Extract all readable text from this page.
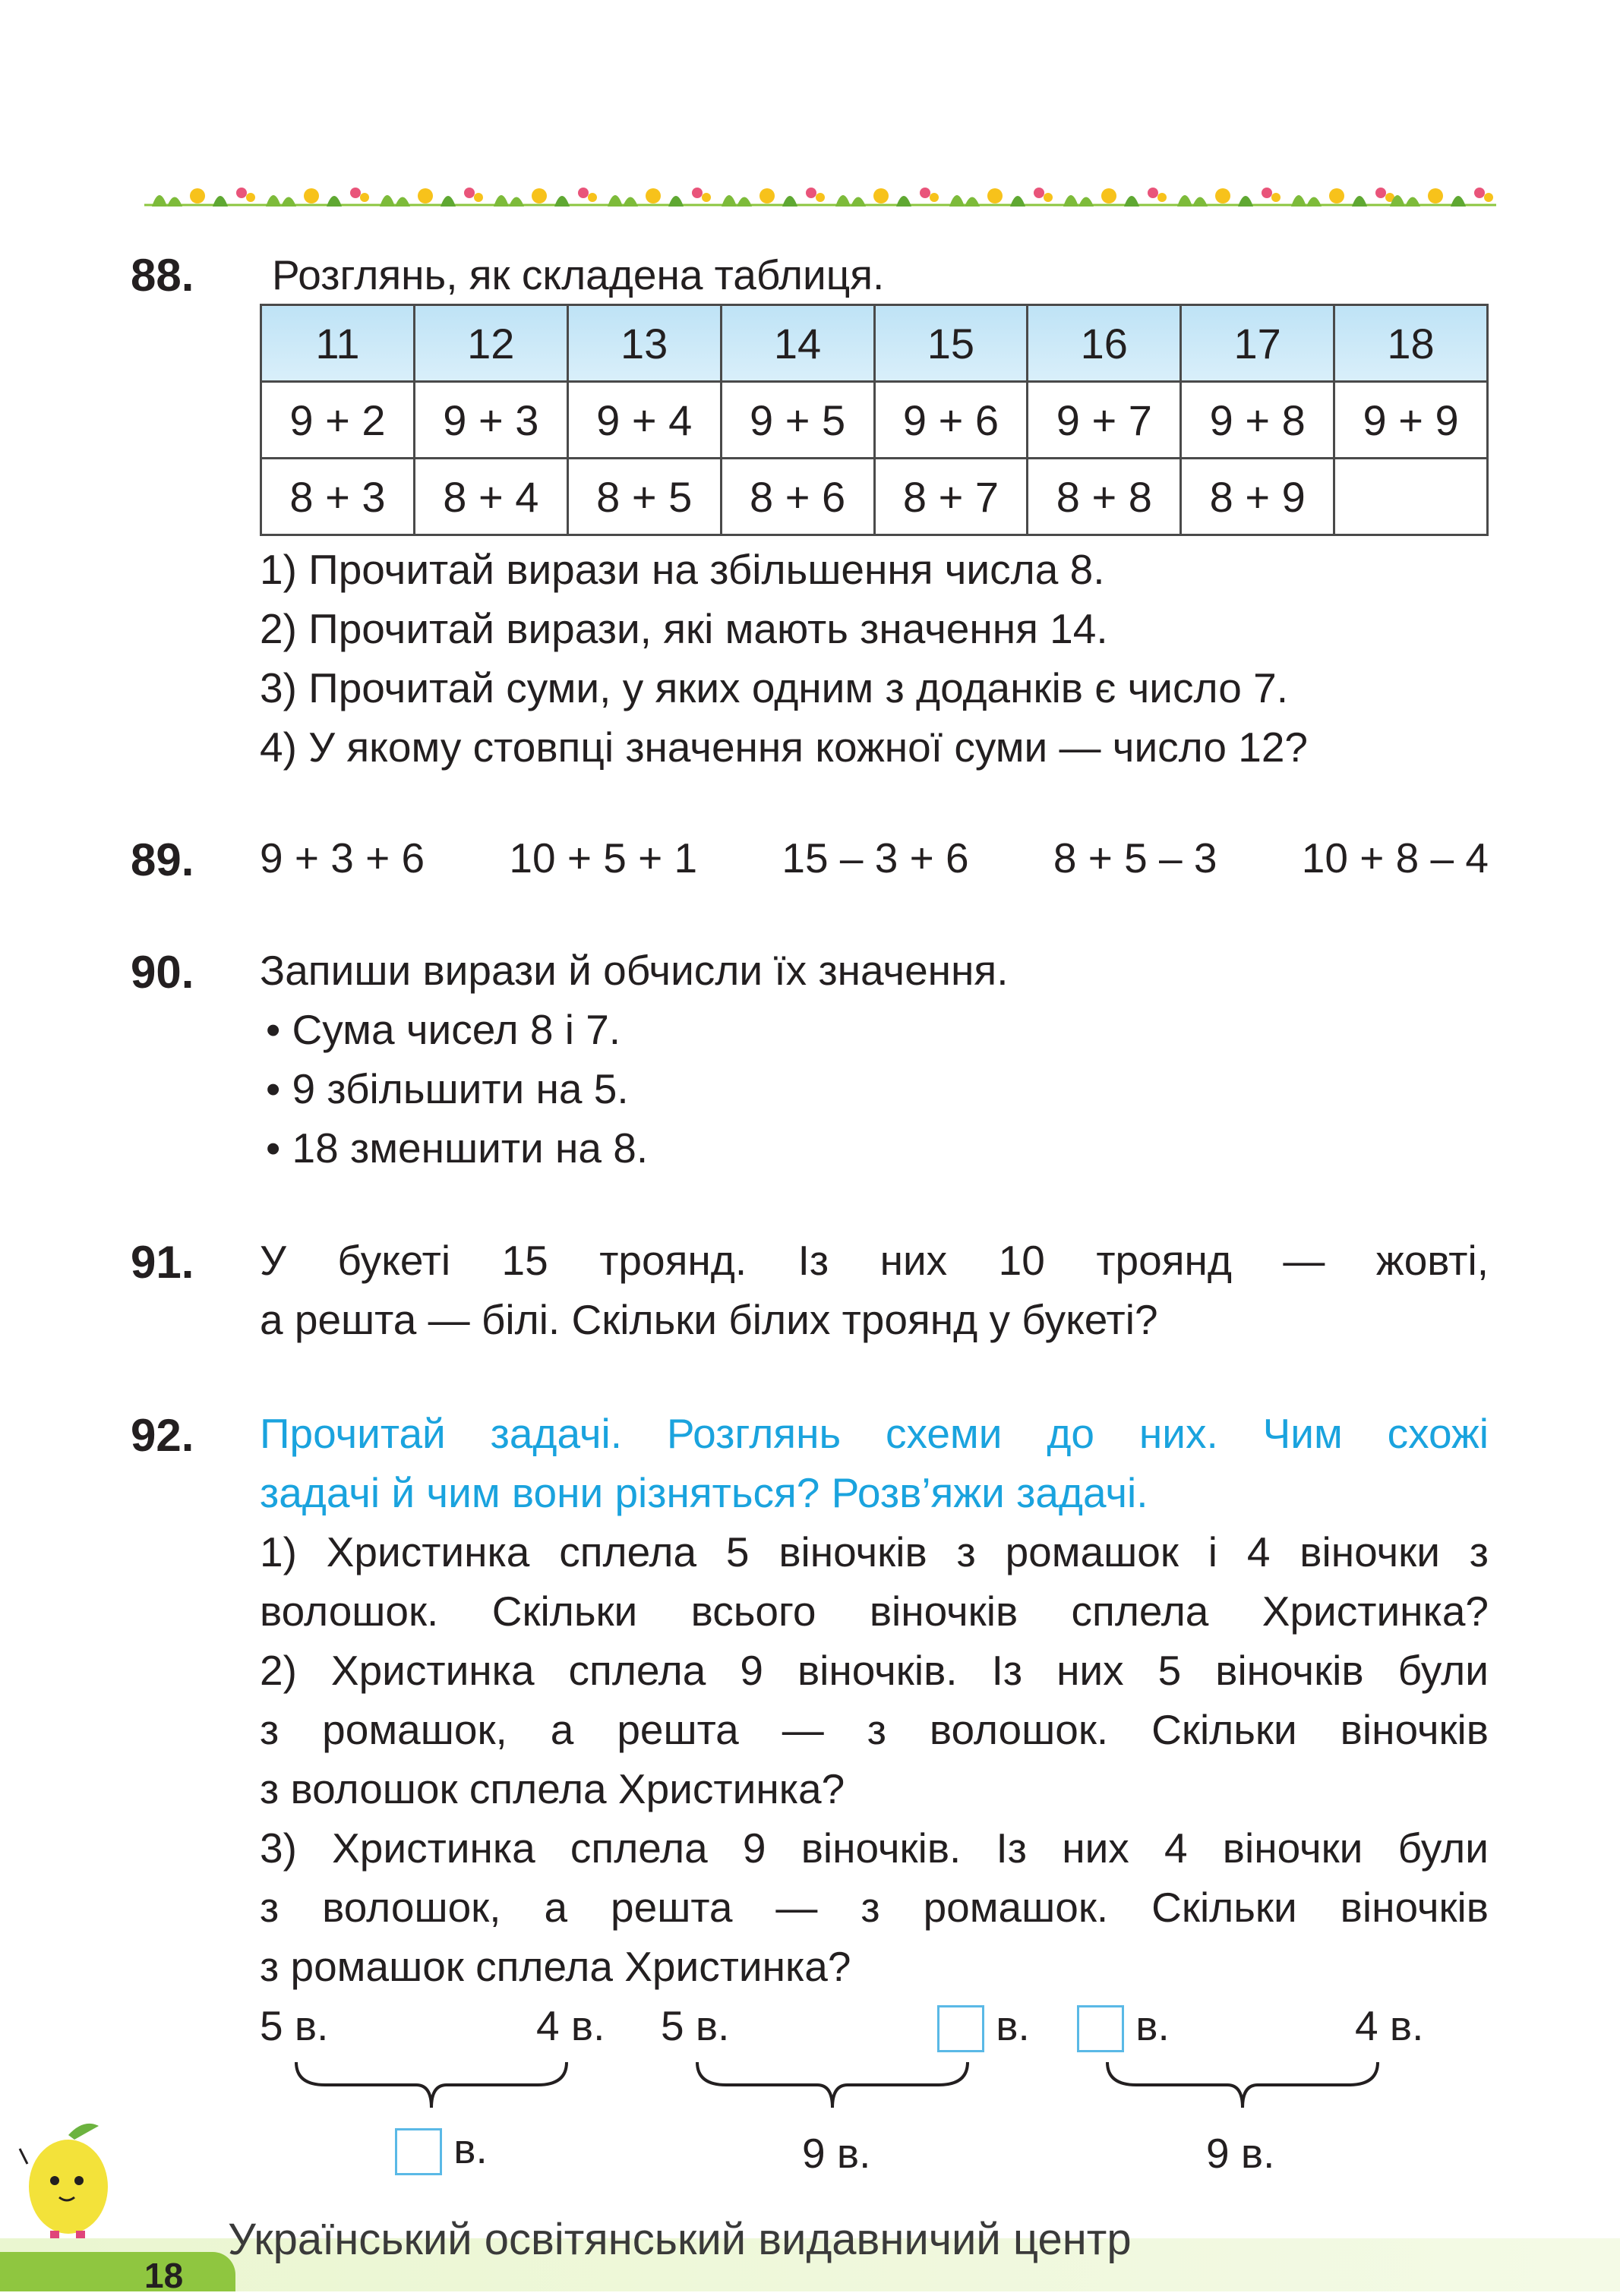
88. Розглянь, як складена таблиця.
11	12	13	14	15	16	17	18
9 + 2	9 + 3	9 + 4	9 + 5	9 + 6	9 + 7	9 + 8	9 + 9
8 + 3	8 + 4	8 + 5	8 + 6	8 + 7	8 + 8	8 + 9	
1) Прочитай вирази на збільшення числа 8.
2) Прочитай вирази, які мають значення 14.
3) Прочитай суми, у яких одним з доданків є число 7.
4) У якому стовпці значення кожної суми — число 12?
89. 9 + 3 + 6 10 + 5 + 1 15 – 3 + 6 8 + 5 – 3 10 + 8 – 4
90. Запиши вирази й обчисли їх значення.
• Сума чисел 8 і 7.
• 9 збільшити на 5.
• 18 зменшити на 8.
91. У букеті 15 троянд. Із них 10 троянд — жовті,
а решта — білі. Скільки білих троянд у букеті?
92. Прочитай задачі. Розглянь схеми до них. Чим схожі
задачі й чим вони різняться? Розв’яжи задачі.
1) Христинка сплела 5 віночків з ромашок і 4 віночки з
волошок. Скільки всього віночків сплела Христинка?
2) Христинка сплела 9 віночків. Із них 5 віночків були
з ромашок, а решта — з волошок. Скільки віночків
з волошок сплела Христинка?
3) Христинка сплела 9 віночків. Із них 4 віночки були
з волошок, а решта — з ромашок. Скільки віночків
з ромашок сплела Христинка?
5 в.	4 в.
в.
5 в.	в.
9 в.
в.	4 в.
9 в.
18
Український освітянський видавничий центр
